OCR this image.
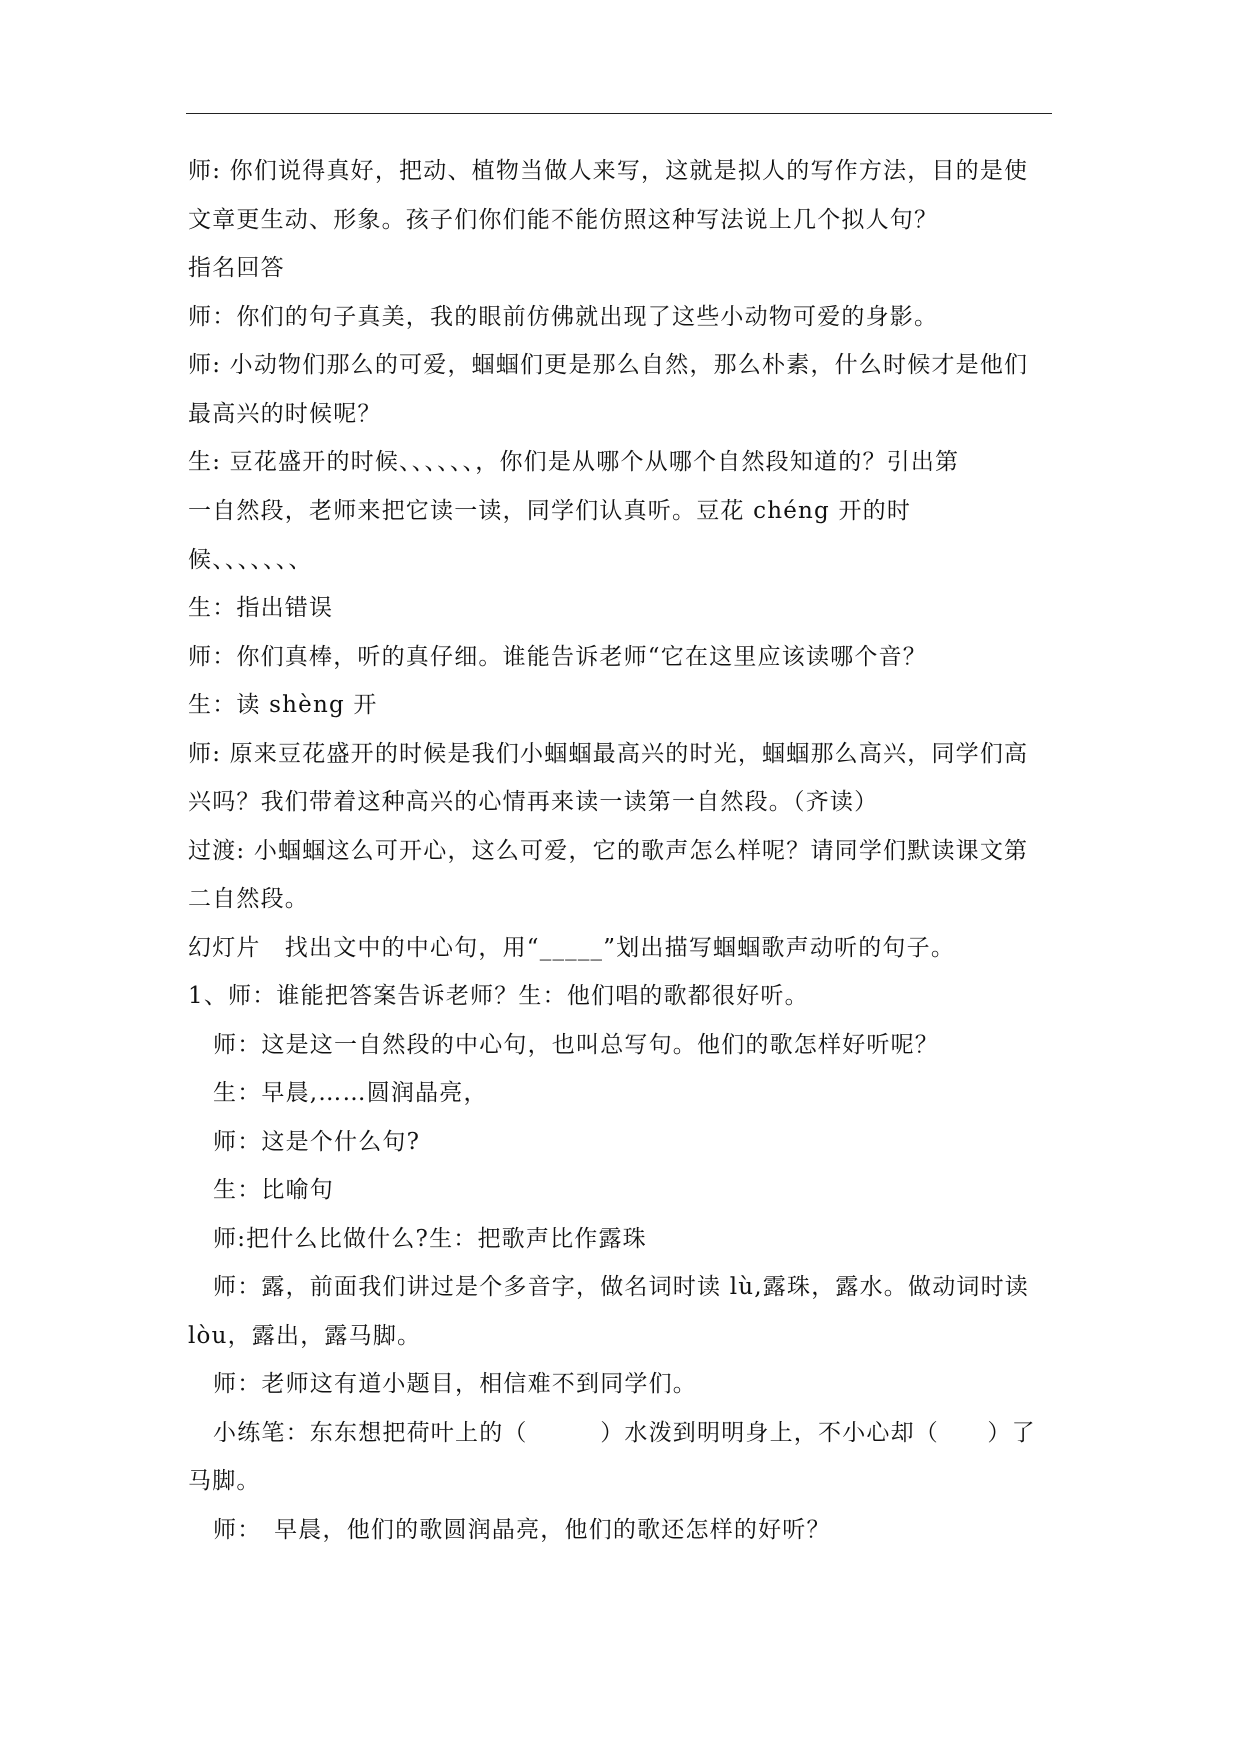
师: 你们说得真好，把动、植物当做人来写，这就是拟人的写作方法，目的是使
文章更生动、形象。孩子们你们能不能仿照这种写法说上几个拟人句？
指名回答
师：你们的句子真美，我的眼前仿佛就出现了这些小动物可爱的身影。
师: 小动物们那么的可爱，蝈蝈们更是那么自然，那么朴素，什么时候才是他们
最高兴的时候呢？
生: 豆花盛开的时候、、、、、、，你们是从哪个从哪个自然段知道的？引出第
一自然段，老师来把它读一读，同学们认真听。豆花 chéng 开的时
候、、、、、、、
生：指出错误
师：你们真棒，听的真仔细。谁能告诉老师“它在这里应该读哪个音？
生：读 shèng 开
师: 原来豆花盛开的时候是我们小蝈蝈最高兴的时光，蝈蝈那么高兴，同学们高
兴吗？我们带着这种高兴的心情再来读一读第一自然段。（齐读）
过渡: 小蝈蝈这么可开心，这么可爱，它的歌声怎么样呢？请同学们默读课文第
二自然段。
幻灯片　找出文中的中心句，用“_____”划出描写蝈蝈歌声动听的句子。
1、师：谁能把答案告诉老师？生：他们唱的歌都很好听。
师：这是这一自然段的中心句，也叫总写句。他们的歌怎样好听呢？
生：早晨,……圆润晶亮，
师：这是个什么句?
生：比喻句
师:把什么比做什么?生：把歌声比作露珠
师：露，前面我们讲过是个多音字，做名词时读 lù,露珠，露水。做动词时读
lòu，露出，露马脚。
师：老师这有道小题目，相信难不到同学们。
小练笔：东东想把荷叶上的（　　　）水泼到明明身上，不小心却（　　）了
马脚。
师：　早晨，他们的歌圆润晶亮，他们的歌还怎样的好听？
